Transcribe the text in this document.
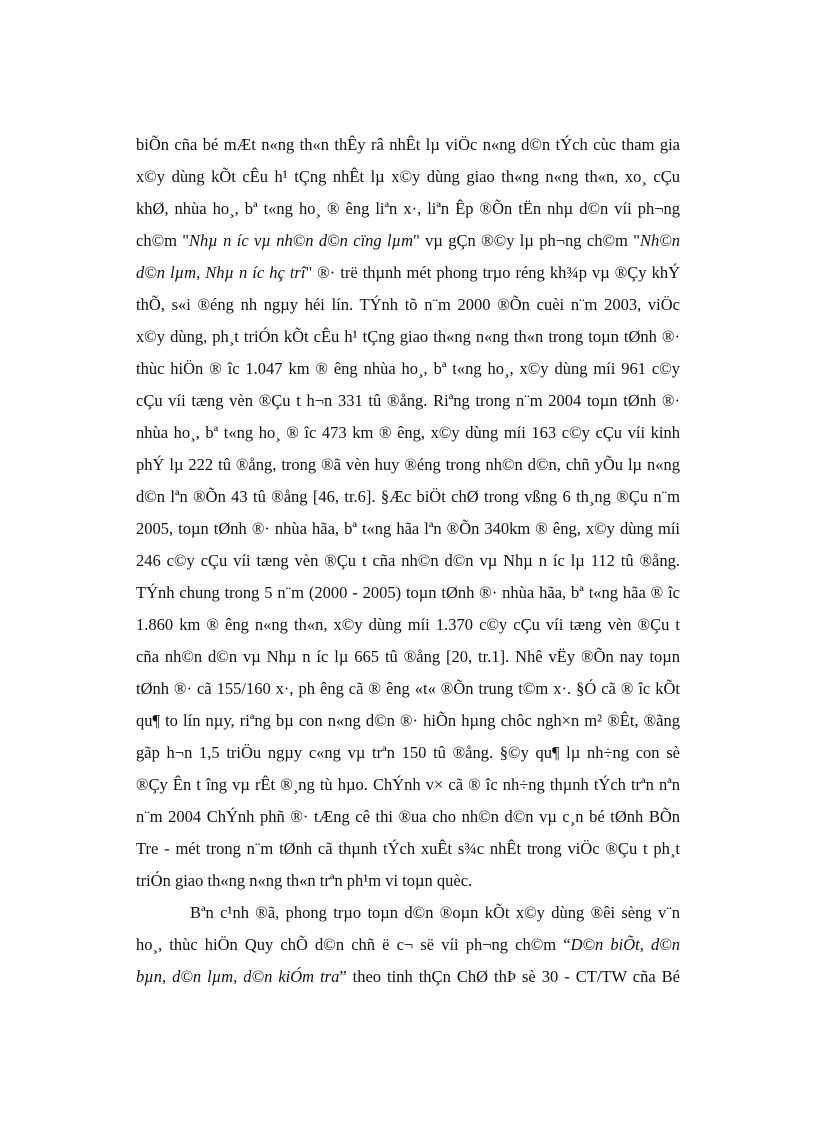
biÕn cña bé mÆt n«ng th«n thÊy râ nhÊt lµ viÖc n«ng d©n tÝch cùc tham gia
x©y dùng kÕt cÊu h¹ tÇng nhÊt lµ x©y dùng giao th«ng n«ng th«n, xo¸ cÇu
khØ, nhùa ho¸, bª t«ng ho¸ ® êng liªn x·, liªn Êp ®Õn tËn nhµ d©n víi ph¬ng
ch©m "Nhµ n íc vµ nh©n d©n cïng lµm" vµ gÇn ®©y lµ ph¬ng ch©m "Nh©n
d©n lµm, Nhµ n íc hç trî" ®· trë thµnh mét phong trµo réng kh¾p vµ ®Çy khÝ
thÕ, s«i ®éng nh ngµy héi lín. TÝnh tõ n¨m 2000 ®Õn cuèi n¨m 2003, viÖc
x©y dùng, ph¸t triÓn kÕt cÊu h¹ tÇng giao th«ng n«ng th«n trong toµn tØnh ®·
thùc hiÖn ® îc 1.047 km ® êng nhùa ho¸, bª t«ng ho¸, x©y dùng míi 961 c©y
cÇu víi tæng vèn ®Çu t h¬n 331 tû ®ång. Riªng trong n¨m 2004 toµn tØnh ®·
nhùa ho¸, bª t«ng ho¸ ® îc 473 km ® êng, x©y dùng míi 163 c©y cÇu víi kinh
phÝ lµ 222 tû ®ång, trong ®ã vèn huy ®éng trong nh©n d©n, chñ yÕu lµ n«ng
d©n lªn ®Õn 43 tû ®ång [46, tr.6]. §Æc biÖt chØ trong vßng 6 th¸ng ®Çu n¨m
2005, toµn tØnh ®· nhùa hãa, bª t«ng hãa lªn ®Õn 340km ® êng, x©y dùng míi
246 c©y cÇu víi tæng vèn ®Çu t cña nh©n d©n vµ Nhµ n íc lµ 112 tû ®ång.
TÝnh chung trong 5 n¨m (2000 - 2005) toµn tØnh ®· nhùa hãa, bª t«ng hãa ® îc
1.860 km ® êng n«ng th«n, x©y dùng míi 1.370 c©y cÇu víi tæng vèn ®Çu t
cña nh©n d©n vµ Nhµ n íc lµ 665 tû ®ång [20, tr.1]. Nhê vËy ®Õn nay toµn
tØnh ®· cã 155/160 x·, ph êng cã ® êng «t« ®Õn trung t©m x·. §Ó cã ® îc kÕt
qu¶ to lín nµy, riªng bµ con n«ng d©n ®· hiÕn hµng chôc ngh×n m² ®Êt, ®ãng
gãp h¬n 1,5 triÖu ngµy c«ng vµ trªn 150 tû ®ång. §©y qu¶ lµ nh÷ng con sè
®Çy Ên t îng vµ rÊt ®¸ng tù hµo. ChÝnh v× cã ® îc nh÷ng thµnh tÝch trªn nªn
n¨m 2004 ChÝnh phñ ®· tÆng cê thi ®ua cho nh©n d©n vµ c¸n bé tØnh BÕn
Tre - mét trong n¨m tØnh cã thµnh tÝch xuÊt s¾c nhÊt trong viÖc ®Çu t ph¸t
triÓn giao th«ng n«ng th«n trªn ph¹m vi toµn quèc.
Bªn c¹nh ®ã, phong trµo toµn d©n ®oµn kÕt x©y dùng ®êi sèng v¨n
ho¸, thùc hiÖn Quy chÕ d©n chñ ë c¬ së víi ph¬ng ch©m “D©n biÕt, d©n
bµn, d©n lµm, d©n kiÓm tra” theo tinh thÇn ChØ thÞ sè 30 - CT/TW cña Bé
